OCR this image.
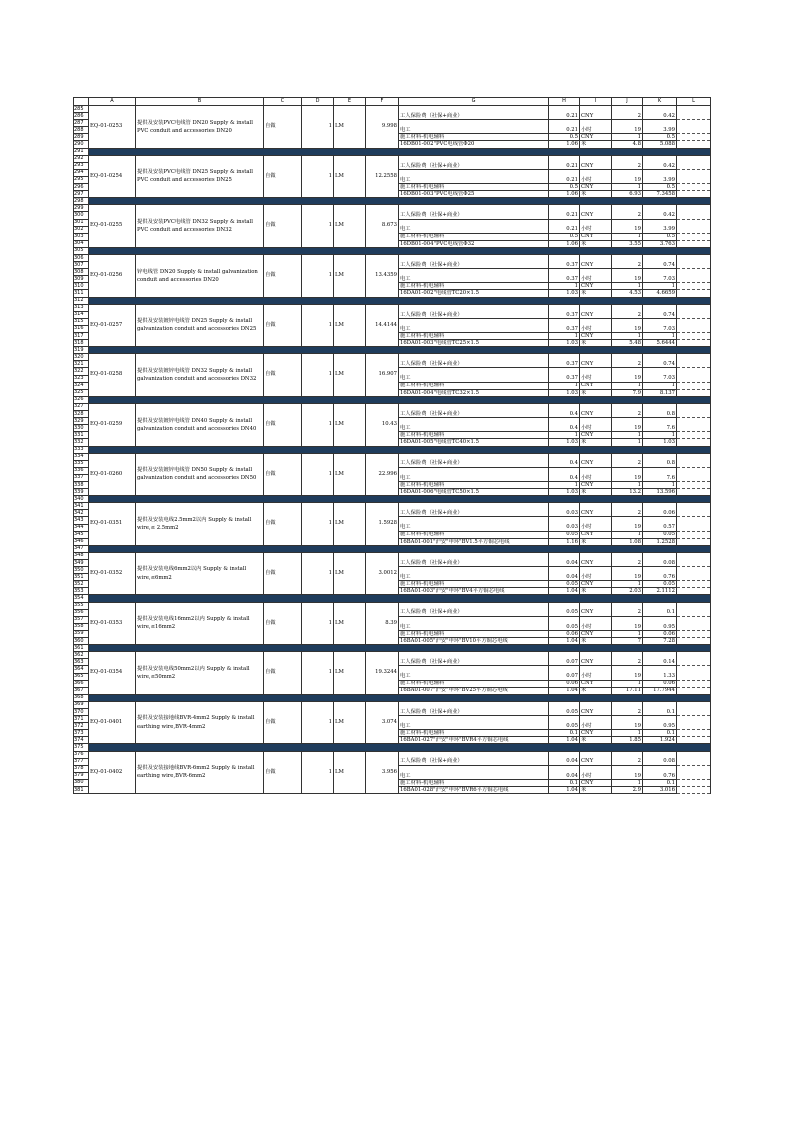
	A	B	C	D	E	F	G	H	I	J	K	L
285	EQ-01-0253	提供及安装PVC电线管 DN20 Supply & install PVC conduit and accessories DN20	自做	1	LM	9.998	工人保险费（社保+商业）	0.21	CNY	2	0.42	
286												
287							电工	0.21	小时	19	3.99	
288												
289							施工材料-机电辅料	0.5	CNY	1	0.5	
290							16DB01-002"PVC电线管Φ20	1.06	米	4.8	5.088	
291												
292	EQ-01-0254	提供及安装PVC电线管 DN25 Supply & install PVC conduit and accessories DN25	自做	1	LM	12.2558	工人保险费（社保+商业）	0.21	CNY	2	0.42	
293												
294							电工	0.21	小时	19	3.99	
295												
296							施工材料-机电辅料	0.5	CNY	1	0.5	
297							16DB01-003"PVC电线管Φ25	1.06	米	6.93	7.3458	
298												
299	EQ-01-0255	提供及安装PVC电线管 DN32 Supply & install PVC conduit and accessories DN32	自做	1	LM	8.673	工人保险费（社保+商业）	0.21	CNY	2	0.42	
300												
301							电工	0.21	小时	19	3.99	
302												
303							施工材料-机电辅料	0.5	CNY	1	0.5	
304							16DB01-004"PVC电线管Φ32	1.06	米	3.55	3.763	
305												
306	EQ-01-0256	锌电线管 DN20 Supply & install galvanization conduit and accessories DN20	自做	1	LM	13.4359	工人保险费（社保+商业）	0.37	CNY	2	0.74	
307												
308							电工	0.37	小时	19	7.03	
309												
310							施工材料-机电辅料	1	CNY	1	1	
311							16DA01-002"电线管TC20×1.5	1.03	米	4.53	4.6659	
312												
313	EQ-01-0257	提供及安装镀锌电线管 DN25 Supply & install galvanization conduit and accessories DN25	自做	1	LM	14.4144	工人保险费（社保+商业）	0.37	CNY	2	0.74	
314												
315							电工	0.37	小时	19	7.03	
316												
317							施工材料-机电辅料	1	CNY	1	1	
318							16DA01-003"电线管TC25×1.5	1.03	米	5.48	5.6444	
319												
320	EQ-01-0258	提供及安装镀锌电线管 DN32 Supply & install galvanization conduit and accessories DN32	自做	1	LM	16.907	工人保险费（社保+商业）	0.37	CNY	2	0.74	
321												
322							电工	0.37	小时	19	7.03	
323												
324							施工材料-机电辅料	1	CNY	1	1	
325							16DA01-004"电线管TC32×1.5	1.03	米	7.9	8.137	
326												
327	EQ-01-0259	提供及安装镀锌电线管 DN40 Supply & install galvanization conduit and accessories DN40	自做	1	LM	10.43	工人保险费（社保+商业）	0.4	CNY	2	0.8	
328												
329							电工	0.4	小时	19	7.6	
330												
331							施工材料-机电辅料	1	CNY	1	1	
332							16DA01-005"电线管TC40×1.5	1.03	米	1	1.03	
333												
334	EQ-01-0260	提供及安装镀锌电线管 DN50 Supply & install galvanization conduit and accessories DN50	自做	1	LM	22.996	工人保险费（社保+商业）	0.4	CNY	2	0.8	
335												
336							电工	0.4	小时	19	7.6	
337												
338							施工材料-机电辅料	1	CNY	1	1	
339							16DA01-006"电线管TC50×1.5	1.03	米	13.2	13.596	
340												
341	EQ-01-0351	提供及安装电线2.5mm2以内 Supply & install wire,≤ 2.5mm2	自做	1	LM	1.5928	工人保险费（社保+商业）	0.03	CNY	2	0.06	
342												
343							电工	0.03	小时	19	0.57	
344												
345							施工材料-机电辅料	0.05	CNY	1	0.05	
346							16BA01-001"沪安"申环"BV1.5平方铜芯电线	1.16	米	1.08	1.2528	
347												
348	EQ-01-0352	提供及安装电线6mm2以内 Supply & install wire,≤6mm2	自做	1	LM	3.0012	工人保险费（社保+商业）	0.04	CNY	2	0.08	
349												
350							电工	0.04	小时	19	0.76	
351												
352							施工材料-机电辅料	0.05	CNY	1	0.05	
353							16BA01-003"沪安"申环"BV4平方铜芯电线	1.04	米	2.03	2.1112	
354												
355	EQ-01-0353	提供及安装电线16mm2以内 Supply & install wire,≤16mm2	自做	1	LM	8.39	工人保险费（社保+商业）	0.05	CNY	2	0.1	
356												
357							电工	0.05	小时	19	0.95	
358												
359							施工材料-机电辅料	0.06	CNY	1	0.06	
360							16BA01-005"沪安"申环"BV10平方铜芯电线	1.04	米	7	7.28	
361												
362	EQ-01-0354	提供及安装电线50mm2以内 Supply & install wire,≤50mm2	自做	1	LM	19.3244	工人保险费（社保+商业）	0.07	CNY	2	0.14	
363												
364							电工	0.07	小时	19	1.33	
365												
366							施工材料-机电辅料	0.06	CNY	1	0.06	
367							16BA01-007"沪安"申环"BV25平方铜芯电线	1.04	米	17.11	17.7944	
368												
369	EQ-01-0401	提供及安装接地线BVR-4mm2 Supply & install earthing wire,BVR-4mm2	自做	1	LM	3.074	工人保险费（社保+商业）	0.05	CNY	2	0.1	
370												
371							电工	0.05	小时	19	0.95	
372												
373							施工材料-机电辅料	0.1	CNY	1	0.1	
374							16BA01-027"沪安"申环"BVR4平方铜芯电线	1.04	米	1.85	1.924	
375												
376	EQ-01-0402	提供及安装接地线BVR-6mm2 Supply & install earthing wire,BVR-6mm2	自做	1	LM	3.956	工人保险费（社保+商业）	0.04	CNY	2	0.08	
377												
378							电工	0.04	小时	19	0.76	
379												
380							施工材料-机电辅料	0.1	CNY	1	0.1	
381							16BA01-028"沪安"申环"BVR6平方铜芯电线	1.04	米	2.9	3.016	
